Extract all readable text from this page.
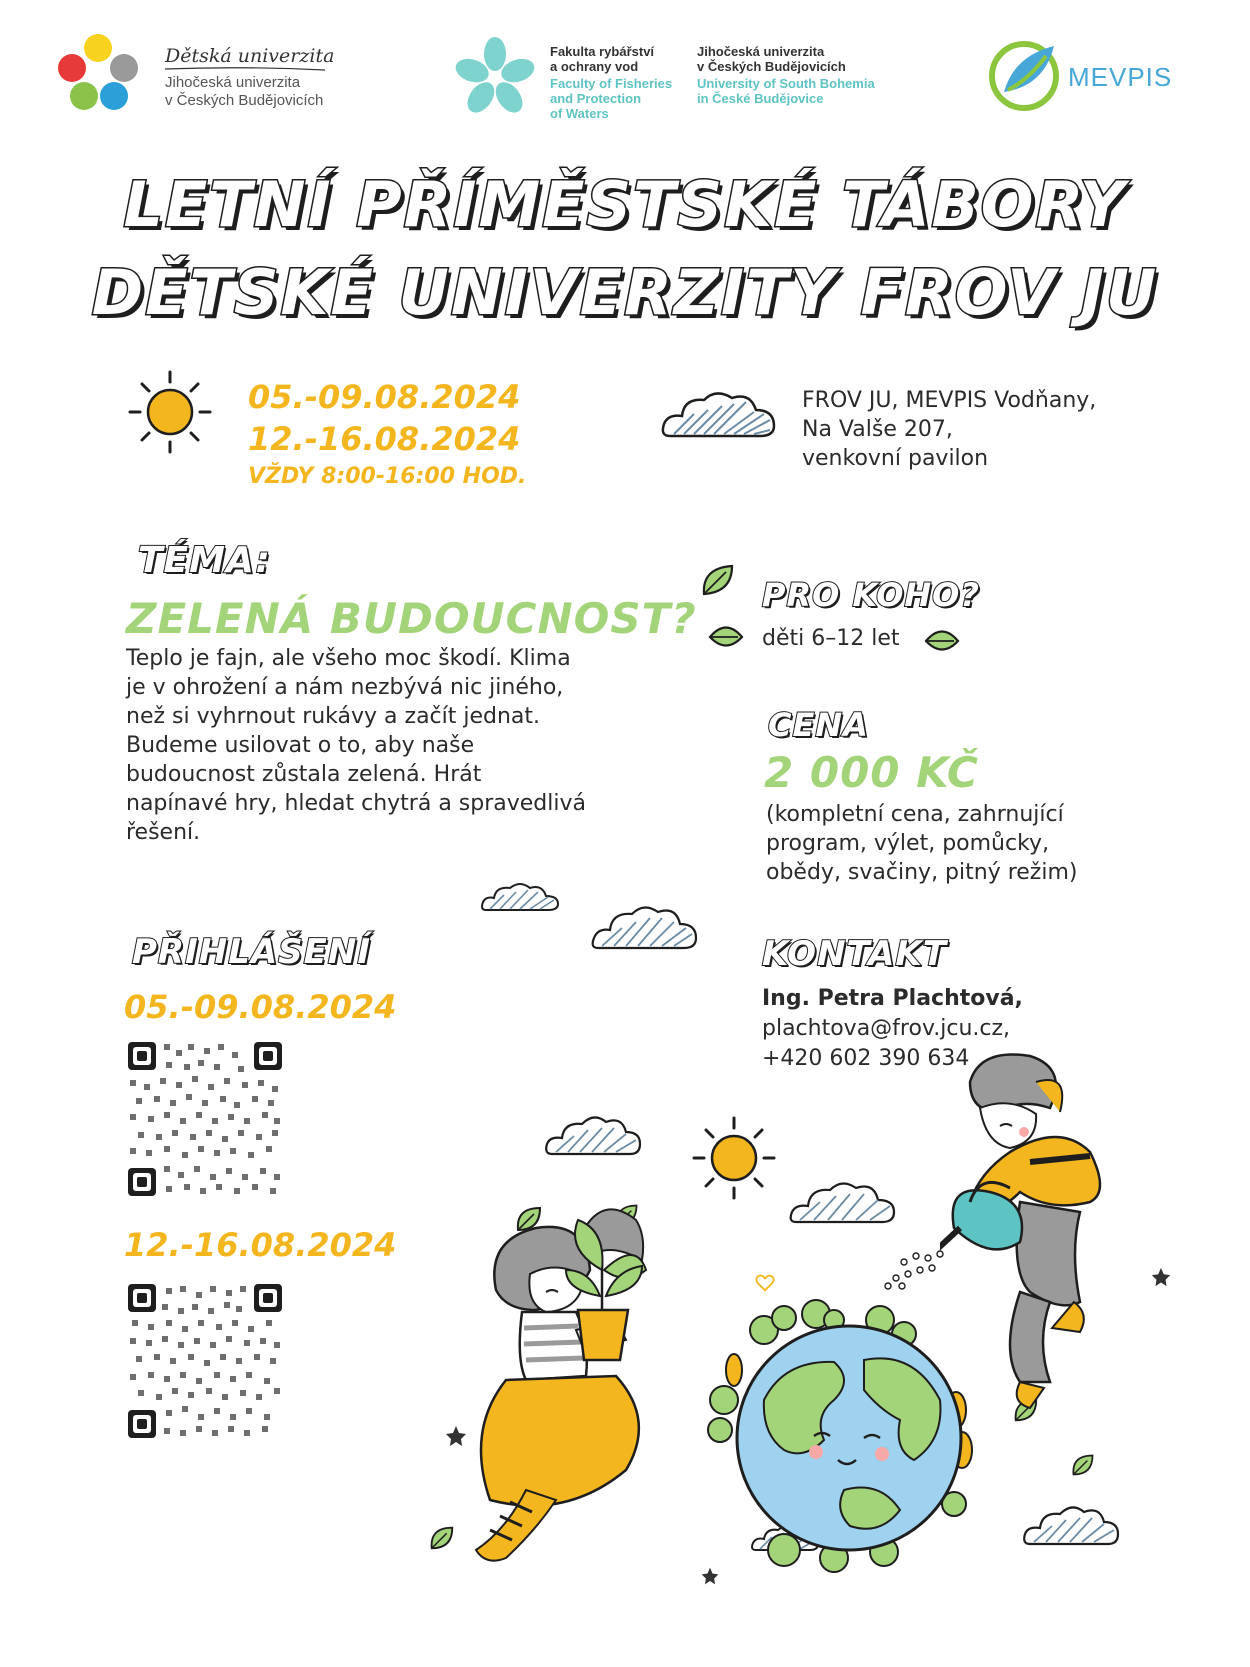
Dětská univerzita
Jihočeská univerzita
v Českých Budějovicích
Fakulta rybářství
a ochrany vod
Faculty of Fisheries
and Protection
of Waters
Jihočeská univerzita
v Českých Budějovicích
University of South Bohemia
in České Budějovice
MEVPIS
LETNÍ PŘÍMĚSTSKÉ TÁBORY
DĚTSKÉ UNIVERZITY FROV JU
05.-09.08.2024
12.-16.08.2024
VŽDY 8:00-16:00 HOD.
FROV JU, MEVPIS Vodňany,
Na Valše 207,
venkovní pavilon
TÉMA:
ZELENÁ BUDOUCNOST?
Teplo je fajn, ale všeho moc škodí. Klima
je v ohrožení a nám nezbývá nic jiného,
než si vyhrnout rukávy a začít jednat.
Budeme usilovat o to, aby naše
budoucnost zůstala zelená. Hrát
napínavé hry, hledat chytrá a spravedlivá
řešení.
PRO KOHO?
děti 6–12 let
CENA
2 000 KČ
(kompletní cena, zahrnující
program, výlet, pomůcky,
obědy, svačiny, pitný režim)
PŘIHLÁŠENÍ
05.-09.08.2024
12.-16.08.2024
KONTAKT
Ing. Petra Plachtová,
plachtova@frov.jcu.cz,
+420 602 390 634
